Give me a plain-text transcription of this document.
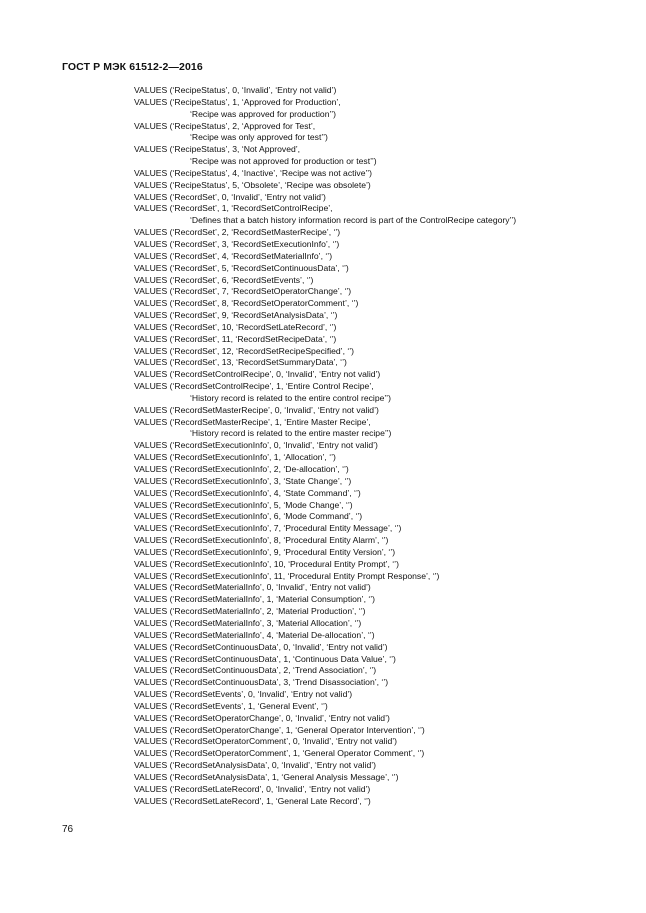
ГОСТ Р МЭК 61512-2—2016
VALUES (‘RecipeStatus’, 0, ‘Invalid’, ‘Entry not valid’)
VALUES (‘RecipeStatus’, 1, ‘Approved for Production’,
‘Recipe was approved for production’’)
VALUES (‘RecipeStatus’, 2, ‘Approved for Test’,
‘Recipe was only approved for test’’)
VALUES (‘RecipeStatus’, 3, ‘Not Approved’,
‘Recipe was not approved for production or test’’)
VALUES (‘RecipeStatus’, 4, ‘Inactive’, ‘Recipe was not active’’)
VALUES (‘RecipeStatus’, 5, ‘Obsolete’, ‘Recipe was obsolete’)
VALUES (‘RecordSet’, 0, ‘Invalid’, ‘Entry not valid’)
VALUES (‘RecordSet’, 1, ‘RecordSetControlRecipe’,
‘Defines that a batch history information record is part of the ControlRecipe category’’)
VALUES (‘RecordSet’, 2, ‘RecordSetMasterRecipe’, ‘’)
VALUES (‘RecordSet’, 3, ‘RecordSetExecutionInfo’, ‘’)
VALUES (‘RecordSet’, 4, ‘RecordSetMaterialInfo’, ‘’)
VALUES (‘RecordSet’, 5, ‘RecordSetContinuousData’, ‘’)
VALUES (‘RecordSet’, 6, ‘RecordSetEvents’, ‘’)
VALUES (‘RecordSet’, 7, ‘RecordSetOperatorChange’, ‘’)
VALUES (‘RecordSet’, 8, ‘RecordSetOperatorComment’, ‘’)
VALUES (‘RecordSet’, 9, ‘RecordSetAnalysisData’, ‘’)
VALUES (‘RecordSet’, 10, ‘RecordSetLateRecord’, ‘’)
VALUES (‘RecordSet’, 11, ‘RecordSetRecipeData’, ‘’)
VALUES (‘RecordSet’, 12, ‘RecordSetRecipeSpecified’, ‘’)
VALUES (‘RecordSet’, 13, ‘RecordSetSummaryData’, ‘’)
VALUES (‘RecordSetControlRecipe’, 0, ‘Invalid’, ‘Entry not valid’)
VALUES (‘RecordSetControlRecipe’, 1, ‘Entire Control Recipe’,
‘History record is related to the entire control recipe’’)
VALUES (‘RecordSetMasterRecipe’, 0, ‘Invalid’, ‘Entry not valid’)
VALUES (‘RecordSetMasterRecipe’, 1, ‘Entire Master Recipe’,
‘History record is related to the entire master recipe’’)
VALUES (‘RecordSetExecutionInfo’, 0, ‘Invalid’, ‘Entry not valid’)
VALUES (‘RecordSetExecutionInfo’, 1, ‘Allocation’, ‘’)
VALUES (‘RecordSetExecutionInfo’, 2, ‘De-allocation’, ‘’)
VALUES (‘RecordSetExecutionInfo’, 3, ‘State Change’, ‘’)
VALUES (‘RecordSetExecutionInfo’, 4, ‘State Command’, ‘’)
VALUES (‘RecordSetExecutionInfo’, 5, ‘Mode Change’, ‘’)
VALUES (‘RecordSetExecutionInfo’, 6, ‘Mode Command’, ‘’)
VALUES (‘RecordSetExecutionInfo’, 7, ‘Procedural Entity Message’, ‘’)
VALUES (‘RecordSetExecutionInfo’, 8, ‘Procedural Entity Alarm’, ‘’)
VALUES (‘RecordSetExecutionInfo’, 9, ‘Procedural Entity Version’, ‘’)
VALUES (‘RecordSetExecutionInfo’, 10, ‘Procedural Entity Prompt’, ‘’)
VALUES (‘RecordSetExecutionInfo’, 11, ‘Procedural Entity Prompt Response’, ‘’)
VALUES (‘RecordSetMaterialInfo’, 0, ‘Invalid’, ‘Entry not valid’)
VALUES (‘RecordSetMaterialInfo’, 1, ‘Material Consumption’, ‘’)
VALUES (‘RecordSetMaterialInfo’, 2, ‘Material Production’, ‘’)
VALUES (‘RecordSetMaterialInfo’, 3, ‘Material Allocation’, ‘’)
VALUES (‘RecordSetMaterialInfo’, 4, ‘Material De-allocation’, ‘’)
VALUES (‘RecordSetContinuousData’, 0, ‘Invalid’, ‘Entry not valid’)
VALUES (‘RecordSetContinuousData’, 1, ‘Continuous Data Value’, ‘’)
VALUES (‘RecordSetContinuousData’, 2, ‘Trend Association’, ‘’)
VALUES (‘RecordSetContinuousData’, 3, ‘Trend Disassociation’, ‘’)
VALUES (‘RecordSetEvents’, 0, ‘Invalid’, ‘Entry not valid’)
VALUES (‘RecordSetEvents’, 1, ‘General Event’, ‘’)
VALUES (‘RecordSetOperatorChange’, 0, ‘Invalid’, ‘Entry not valid’)
VALUES (‘RecordSetOperatorChange’, 1, ‘General Operator Intervention’, ‘’)
VALUES (‘RecordSetOperatorComment’, 0, ‘Invalid’, ‘Entry not valid’)
VALUES (‘RecordSetOperatorComment’, 1, ‘General Operator Comment’, ‘’)
VALUES (‘RecordSetAnalysisData’, 0, ‘Invalid’, ‘Entry not valid’)
VALUES (‘RecordSetAnalysisData’, 1, ‘General Analysis Message’, ‘’)
VALUES (‘RecordSetLateRecord’, 0, ‘Invalid’, ‘Entry not valid’)
VALUES (‘RecordSetLateRecord’, 1, ‘General Late Record’, ‘’)
76
